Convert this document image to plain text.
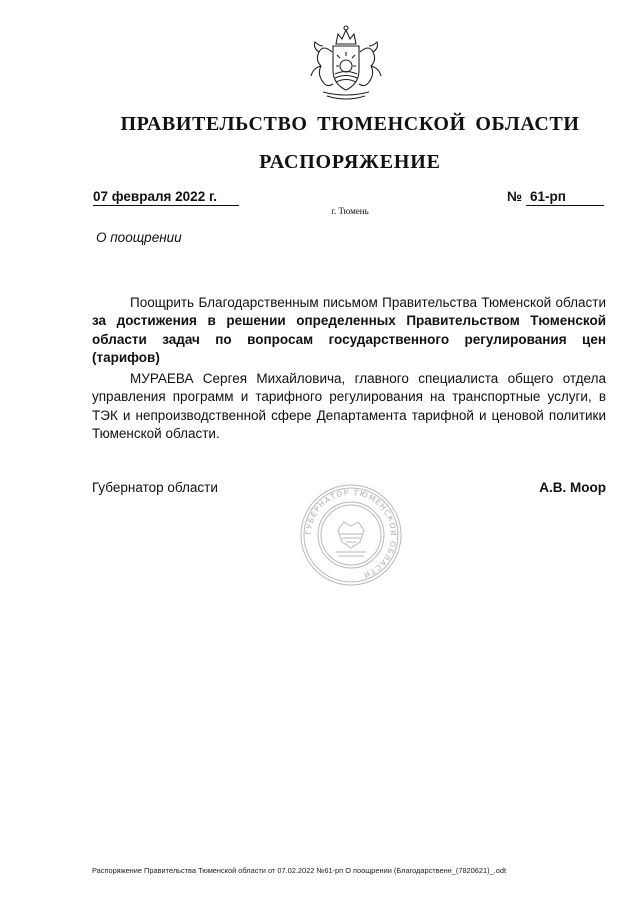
ПРАВИТЕЛЬСТВО ТЮМЕНСКОЙ ОБЛАСТИ
РАСПОРЯЖЕНИЕ
07 февраля 2022 г.	№ 61-рп
г. Тюмень
О поощрении

Поощрить Благодарственным письмом Правительства Тюменской области за достижения в решении определенных Правительством Тюменской области задач по вопросам государственного регулирования цен (тарифов)

МУРАЕВА Сергея Михайловича, главного специалиста общего отдела управления программ и тарифного регулирования на транспортные услуги, в ТЭК и непроизводственной сфере Департамента тарифной и ценовой политики Тюменской области.

Губернатор области
ГУБЕРНАТОР ТЮМЕНСКОЙ ОБЛАСТИ
А.В. Моор
Распоряжение Правительства Тюменской области от 07.02.2022 №61-рп О поощрении (Благодарственн_(7820621)_.odt
